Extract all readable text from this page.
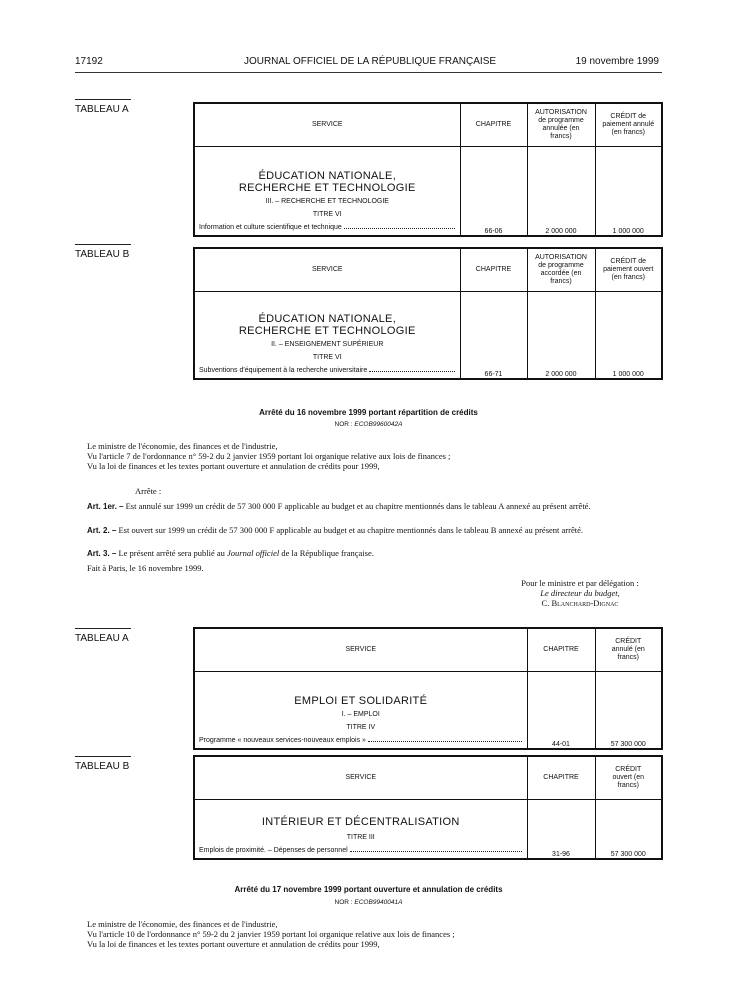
17192	JOURNAL OFFICIEL DE LA RÉPUBLIQUE FRANÇAISE	19 novembre 1999
TABLEAU A
SERVICE	CHAPITRE	AUTORISATION de programme annulée (en francs)	CRÉDIT de paiement annulé (en francs)

ÉDUCATION NATIONALE,
RECHERCHE ET TECHNOLOGIE
III. – RECHERCHE ET TECHNOLOGIE
TITRE VI
Information et culture scientifique et technique	66-06	2 000 000	1 000 000
TABLEAU B
SERVICE	CHAPITRE	AUTORISATION de programme accordée (en francs)	CRÉDIT de paiement ouvert (en francs)

ÉDUCATION NATIONALE,
RECHERCHE ET TECHNOLOGIE
II. – ENSEIGNEMENT SUPÉRIEUR
TITRE VI
Subventions d'équipement à la recherche universitaire	66-71	2 000 000	1 000 000
Arrêté du 16 novembre 1999 portant répartition de crédits
NOR : ECOB9960042A
Le ministre de l'économie, des finances et de l'industrie,
Vu l'article 7 de l'ordonnance n° 59-2 du 2 janvier 1959 portant loi organique relative aux lois de finances ;
Vu la loi de finances et les textes portant ouverture et annulation de crédits pour 1999,
Arrête :
Art. 1er. – Est annulé sur 1999 un crédit de 57 300 000 F applicable au budget et au chapitre mentionnés dans le tableau A annexé au présent arrêté.
Art. 2. – Est ouvert sur 1999 un crédit de 57 300 000 F applicable au budget et au chapitre mentionnés dans le tableau B annexé au présent arrêté.
Art. 3. – Le présent arrêté sera publié au Journal officiel de la République française.
Fait à Paris, le 16 novembre 1999.
Pour le ministre et par délégation :
Le directeur du budget,
C. Blanchard-Dignac
TABLEAU A
SERVICE	CHAPITRE	CRÉDIT annulé (en francs)

EMPLOI ET SOLIDARITÉ
I. – EMPLOI
TITRE IV
Programme « nouveaux services-nouveaux emplois »	44-01	57 300 000
TABLEAU B
SERVICE	CHAPITRE	CRÉDIT ouvert (en francs)

INTÉRIEUR ET DÉCENTRALISATION
TITRE III
Emplois de proximité. – Dépenses de personnel	31-96	57 300 000
Arrêté du 17 novembre 1999 portant ouverture et annulation de crédits
NOR : ECOB9940041A
Le ministre de l'économie, des finances et de l'industrie,
Vu l'article 10 de l'ordonnance n° 59-2 du 2 janvier 1959 portant loi organique relative aux lois de finances ;
Vu la loi de finances et les textes portant ouverture et annulation de crédits pour 1999,
